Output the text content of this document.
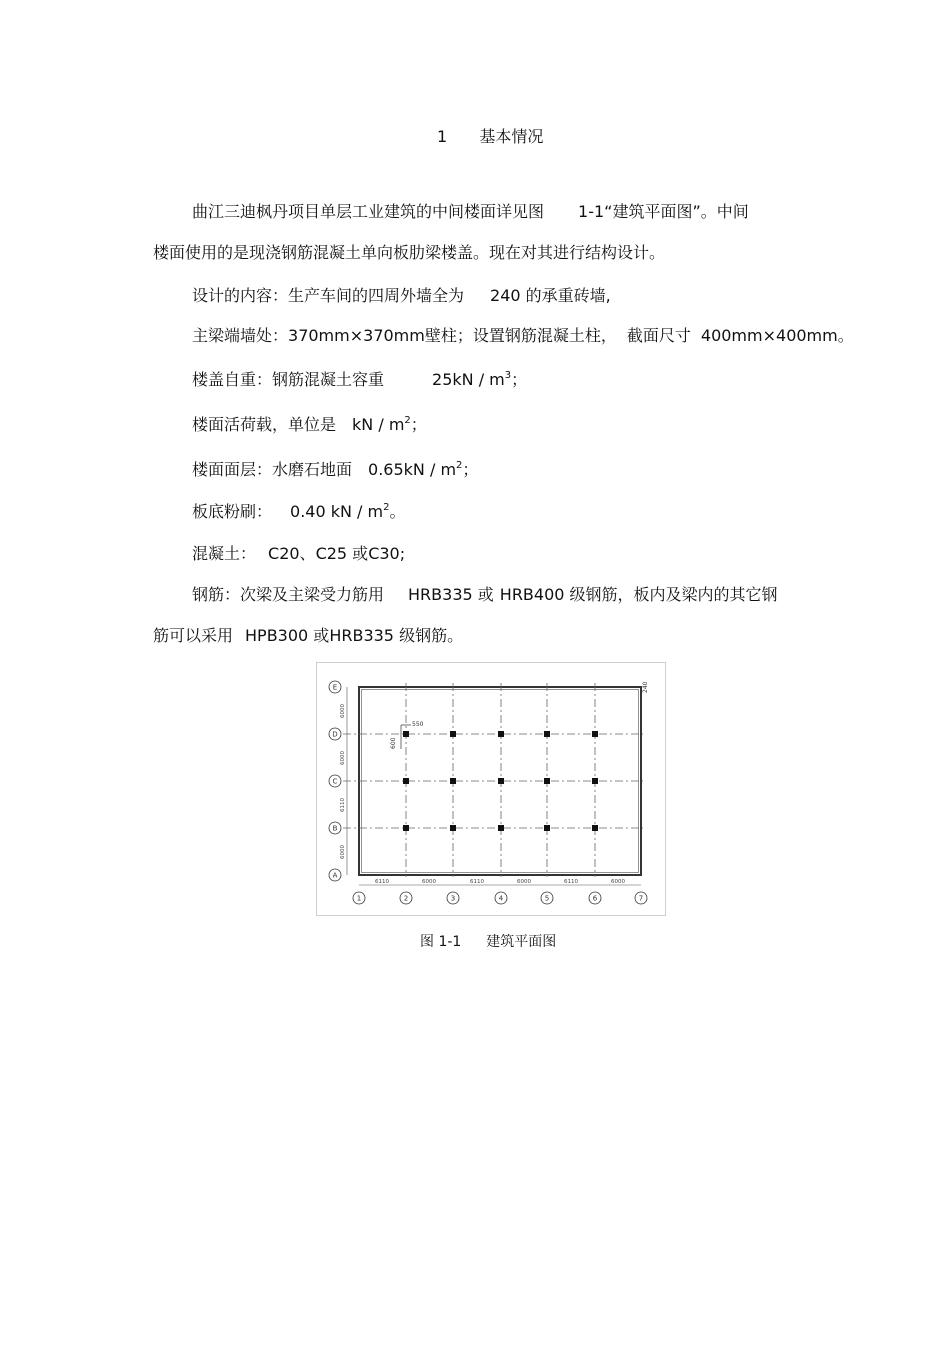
1 基本情况
曲江三迪枫丹项目单层工业建筑的中间楼面详见图 1-1“建筑平面图”。中间
楼面使用的是现浇钢筋混凝土单向板肋梁楼盖。现在对其进行结构设计。
设计的内容：生产车间的四周外墙全为 240 的承重砖墙,
主梁端墙处：370mm×370mm壁柱；设置钢筋混凝土柱， 截面尺寸 400mm×400mm。
楼盖自重：钢筋混凝土容重	$25kN / m^3$；
楼面活荷载，单位是 kN / $m^2$；
楼面面层：水磨石地面 $0.65kN / m^2$；
板底粉刷： 0.40 kN / $m^2$。
混凝土： C20、C25 或C30;
钢筋：次梁及主梁受力筋用 HRB335 或 HRB400 级钢筋，板内及梁内的其它钢
筋可以采用 HPB300 或HRB335 级钢筋。
550
600
240
E
D
C
B
A
6000
6000
6110
6000
6110	6000	6110	6000	6110	6000
1	2	3	4	5	6	7
图 1-1 建筑平面图
